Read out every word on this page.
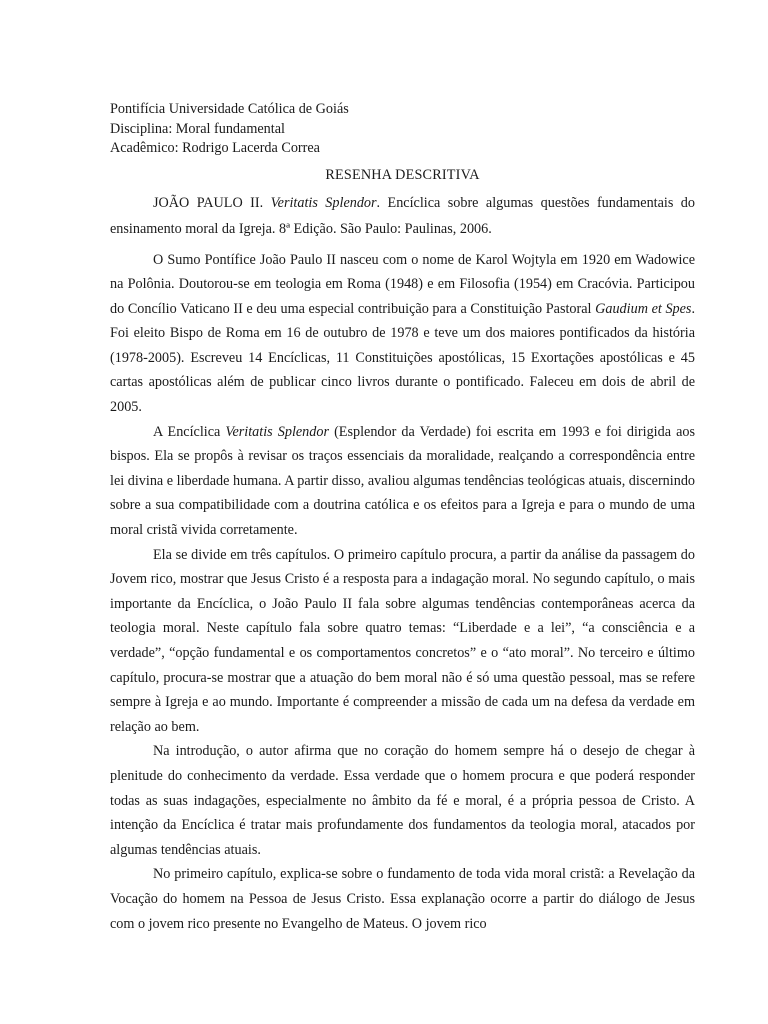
Pontifícia Universidade Católica de Goiás

Disciplina: Moral fundamental

Acadêmico: Rodrigo Lacerda Correa

RESENHA DESCRITIVA

JOÃO PAULO II. Veritatis Splendor. Encíclica sobre algumas questões fundamentais do ensinamento moral da Igreja. 8ª Edição. São Paulo: Paulinas, 2006.

O Sumo Pontífice João Paulo II nasceu com o nome de Karol Wojtyla em 1920 em Wadowice na Polônia. Doutorou-se em teologia em Roma (1948) e em Filosofia (1954) em Cracóvia. Participou do Concílio Vaticano II e deu uma especial contribuição para a Constituição Pastoral Gaudium et Spes. Foi eleito Bispo de Roma em 16 de outubro de 1978 e teve um dos maiores pontificados da história (1978-2005). Escreveu 14 Encíclicas, 11 Constituições apostólicas, 15 Exortações apostólicas e 45 cartas apostólicas além de publicar cinco livros durante o pontificado. Faleceu em dois de abril de 2005.

A Encíclica Veritatis Splendor (Esplendor da Verdade) foi escrita em 1993 e foi dirigida aos bispos. Ela se propôs à revisar os traços essenciais da moralidade, realçando a correspondência entre lei divina e liberdade humana. A partir disso, avaliou algumas tendências teológicas atuais, discernindo sobre a sua compatibilidade com a doutrina católica e os efeitos para a Igreja e para o mundo de uma moral cristã vivida corretamente.

Ela se divide em três capítulos. O primeiro capítulo procura, a partir da análise da passagem do Jovem rico, mostrar que Jesus Cristo é a resposta para a indagação moral. No segundo capítulo, o mais importante da Encíclica, o João Paulo II fala sobre algumas tendências contemporâneas acerca da teologia moral. Neste capítulo fala sobre quatro temas: “Liberdade e a lei”, “a consciência e a verdade”, “opção fundamental e os comportamentos concretos” e o “ato moral”. No terceiro e último capítulo, procura-se mostrar que a atuação do bem moral não é só uma questão pessoal, mas se refere sempre à Igreja e ao mundo. Importante é compreender a missão de cada um na defesa da verdade em relação ao bem.

Na introdução, o autor afirma que no coração do homem sempre há o desejo de chegar à plenitude do conhecimento da verdade. Essa verdade que o homem procura e que poderá responder todas as suas indagações, especialmente no âmbito da fé e moral, é a própria pessoa de Cristo. A intenção da Encíclica é tratar mais profundamente dos fundamentos da teologia moral, atacados por algumas tendências atuais.

No primeiro capítulo, explica-se sobre o fundamento de toda vida moral cristã: a Revelação da Vocação do homem na Pessoa de Jesus Cristo. Essa explanação ocorre a partir do diálogo de Jesus com o jovem rico presente no Evangelho de Mateus. O jovem rico
